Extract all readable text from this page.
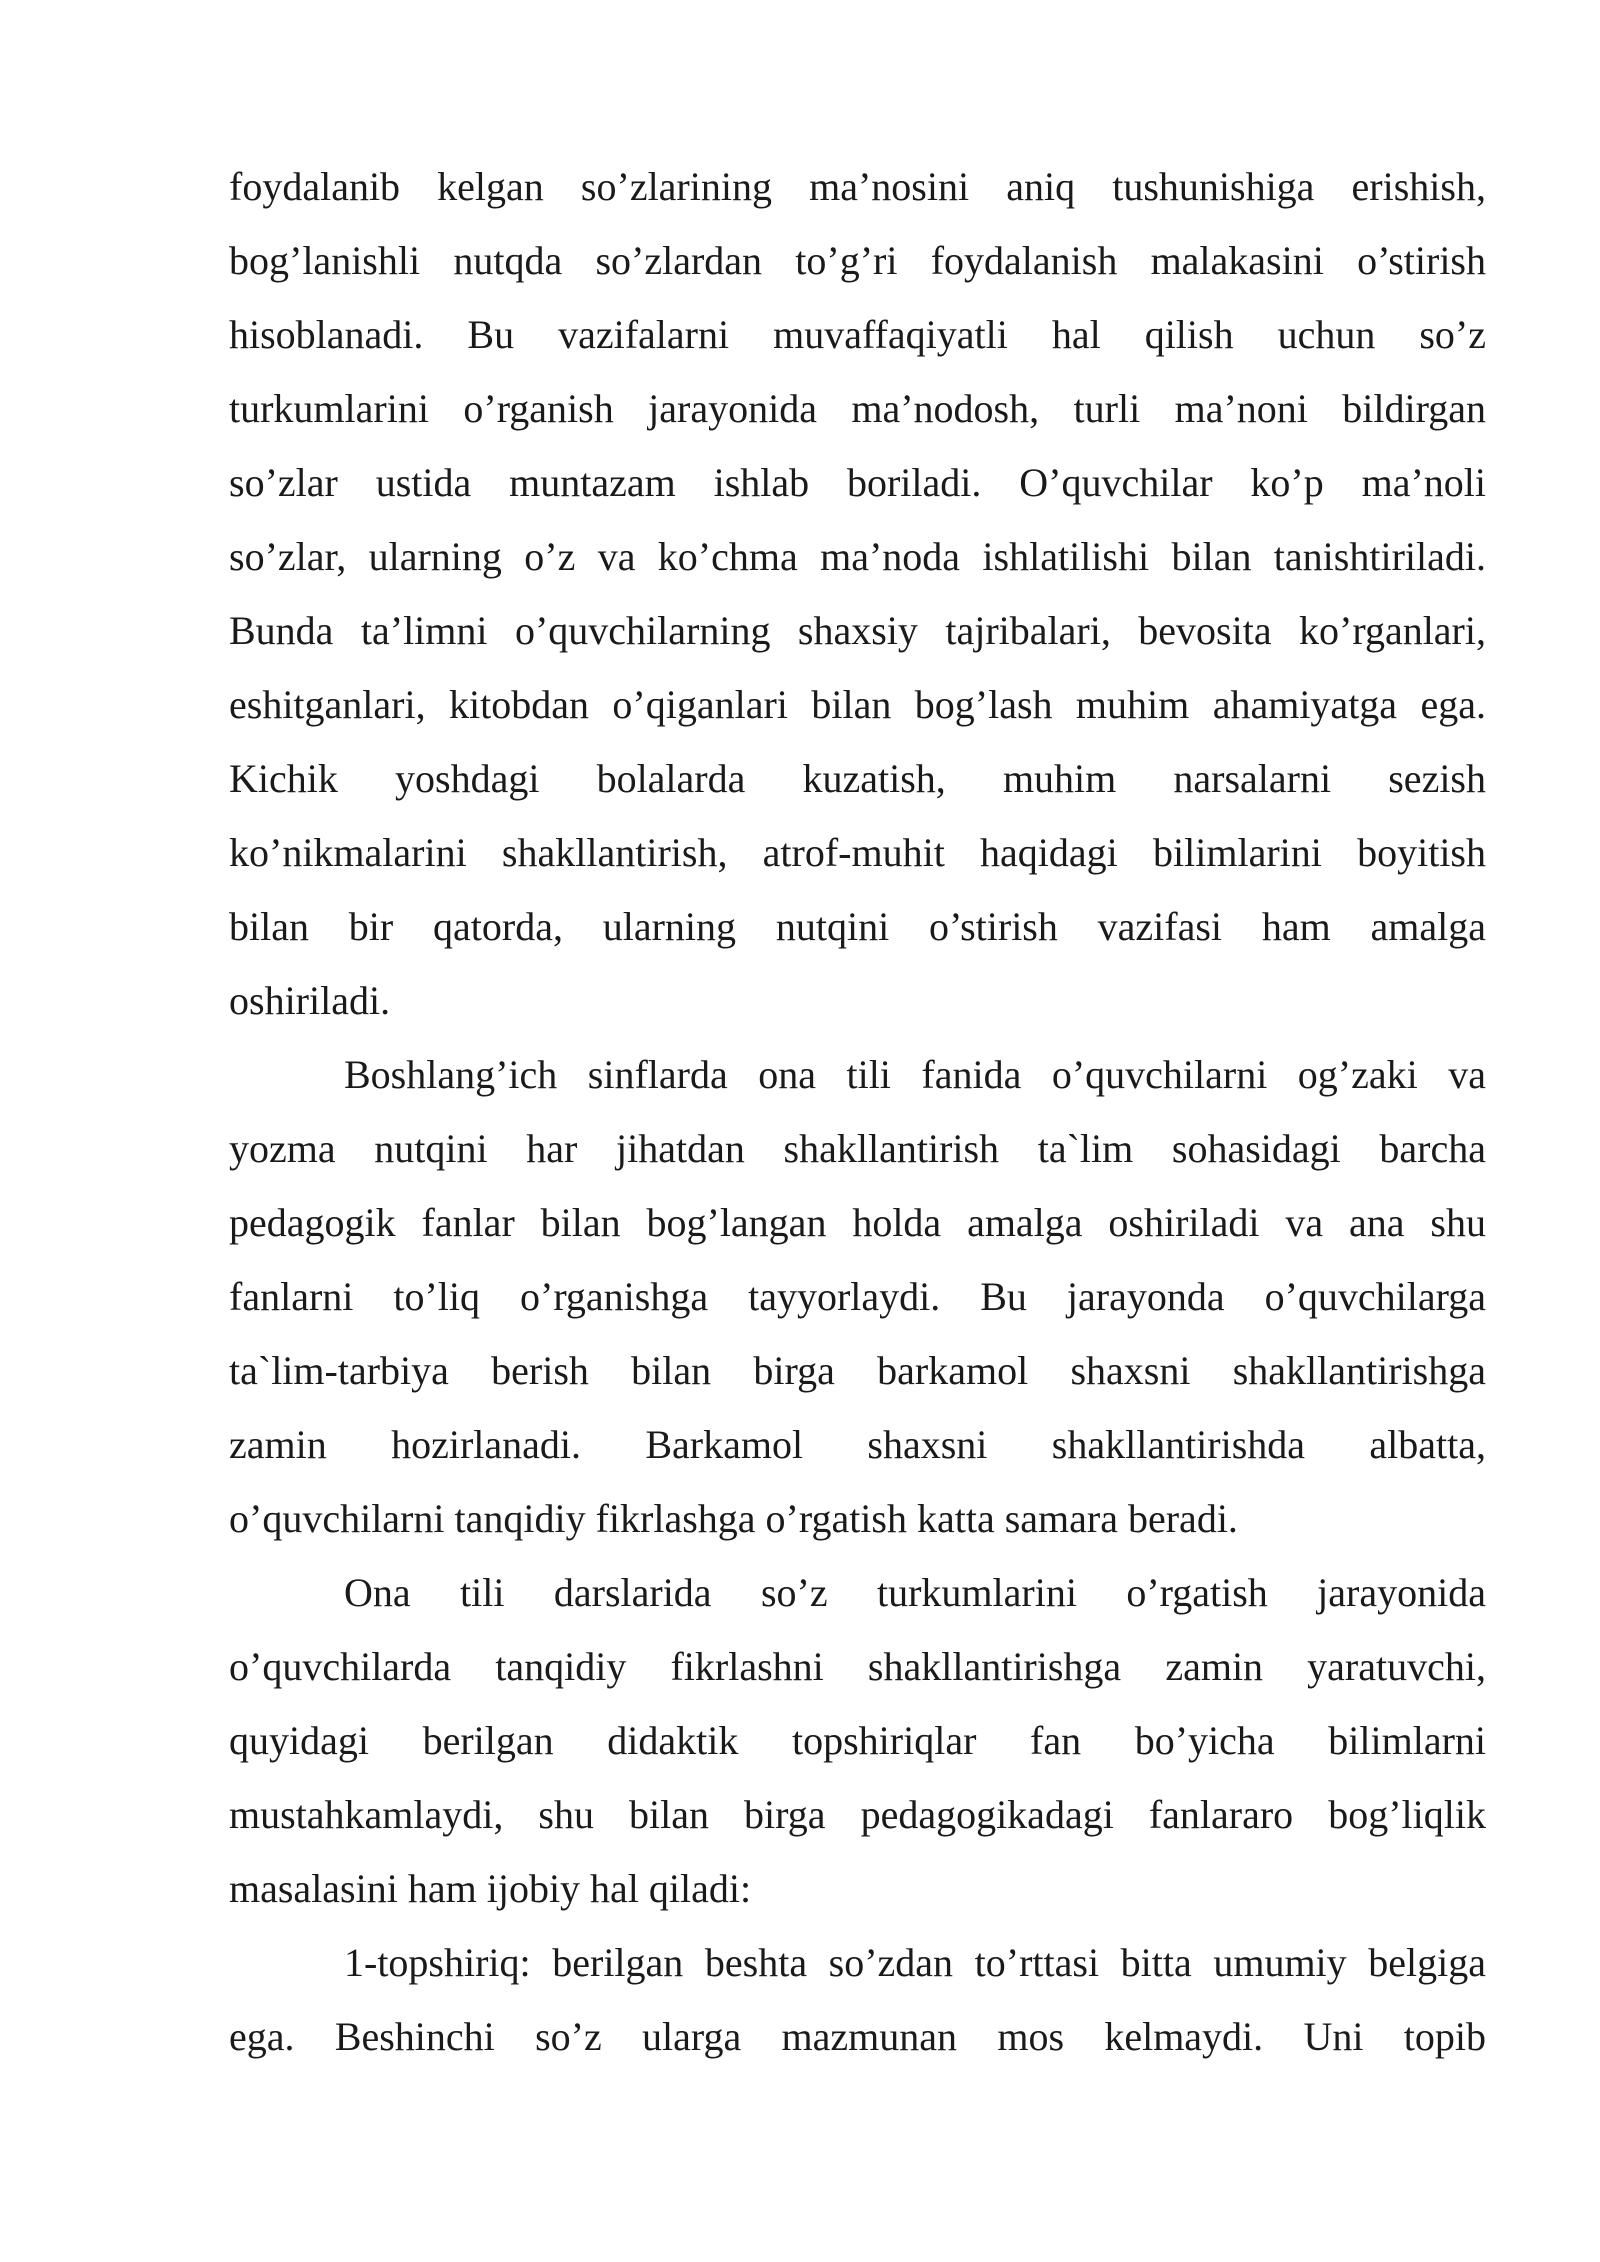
foydalanib kelgan so’zlarining ma’nosini aniq tushunishiga erishish,
bog’lanishli nutqda so’zlardan to’g’ri foydalanish malakasini o’stirish
hisoblanadi. Bu vazifalarni muvaffaqiyatli hal qilish uchun so’z
turkumlarini o’rganish jarayonida ma’nodosh, turli ma’noni bildirgan
so’zlar ustida muntazam ishlab boriladi. O’quvchilar ko’p ma’noli
so’zlar, ularning o’z va ko’chma ma’noda ishlatilishi bilan tanishtiriladi.
Bunda ta’limni o’quvchilarning shaxsiy tajribalari, bevosita ko’rganlari,
eshitganlari, kitobdan o’qiganlari bilan bog’lash muhim ahamiyatga ega.
Kichik yoshdagi bolalarda kuzatish, muhim narsalarni sezish
ko’nikmalarini shakllantirish, atrof-muhit haqidagi bilimlarini boyitish
bilan bir qatorda, ularning nutqini o’stirish vazifasi ham amalga
oshiriladi.
Boshlang’ich sinflarda ona tili fanida o’quvchilarni og’zaki va
yozma nutqini har jihatdan shakllantirish ta`lim sohasidagi barcha
pedagogik fanlar bilan bog’langan holda amalga oshiriladi va ana shu
fanlarni to’liq o’rganishga tayyorlaydi. Bu jarayonda o’quvchilarga
ta`lim-tarbiya berish bilan birga barkamol shaxsni shakllantirishga
zamin hozirlanadi. Barkamol shaxsni shakllantirishda albatta,
o’quvchilarni tanqidiy fikrlashga o’rgatish katta samara beradi.
Ona tili darslarida so’z turkumlarini o’rgatish jarayonida
o’quvchilarda tanqidiy fikrlashni shakllantirishga zamin yaratuvchi,
quyidagi berilgan didaktik topshiriqlar fan bo’yicha bilimlarni
mustahkamlaydi, shu bilan birga pedagogikadagi fanlararo bog’liqlik
masalasini ham ijobiy hal qiladi:
1-topshiriq: berilgan beshta so’zdan to’rttasi bitta umumiy belgiga
ega. Beshinchi so’z ularga mazmunan mos kelmaydi. Uni topib
